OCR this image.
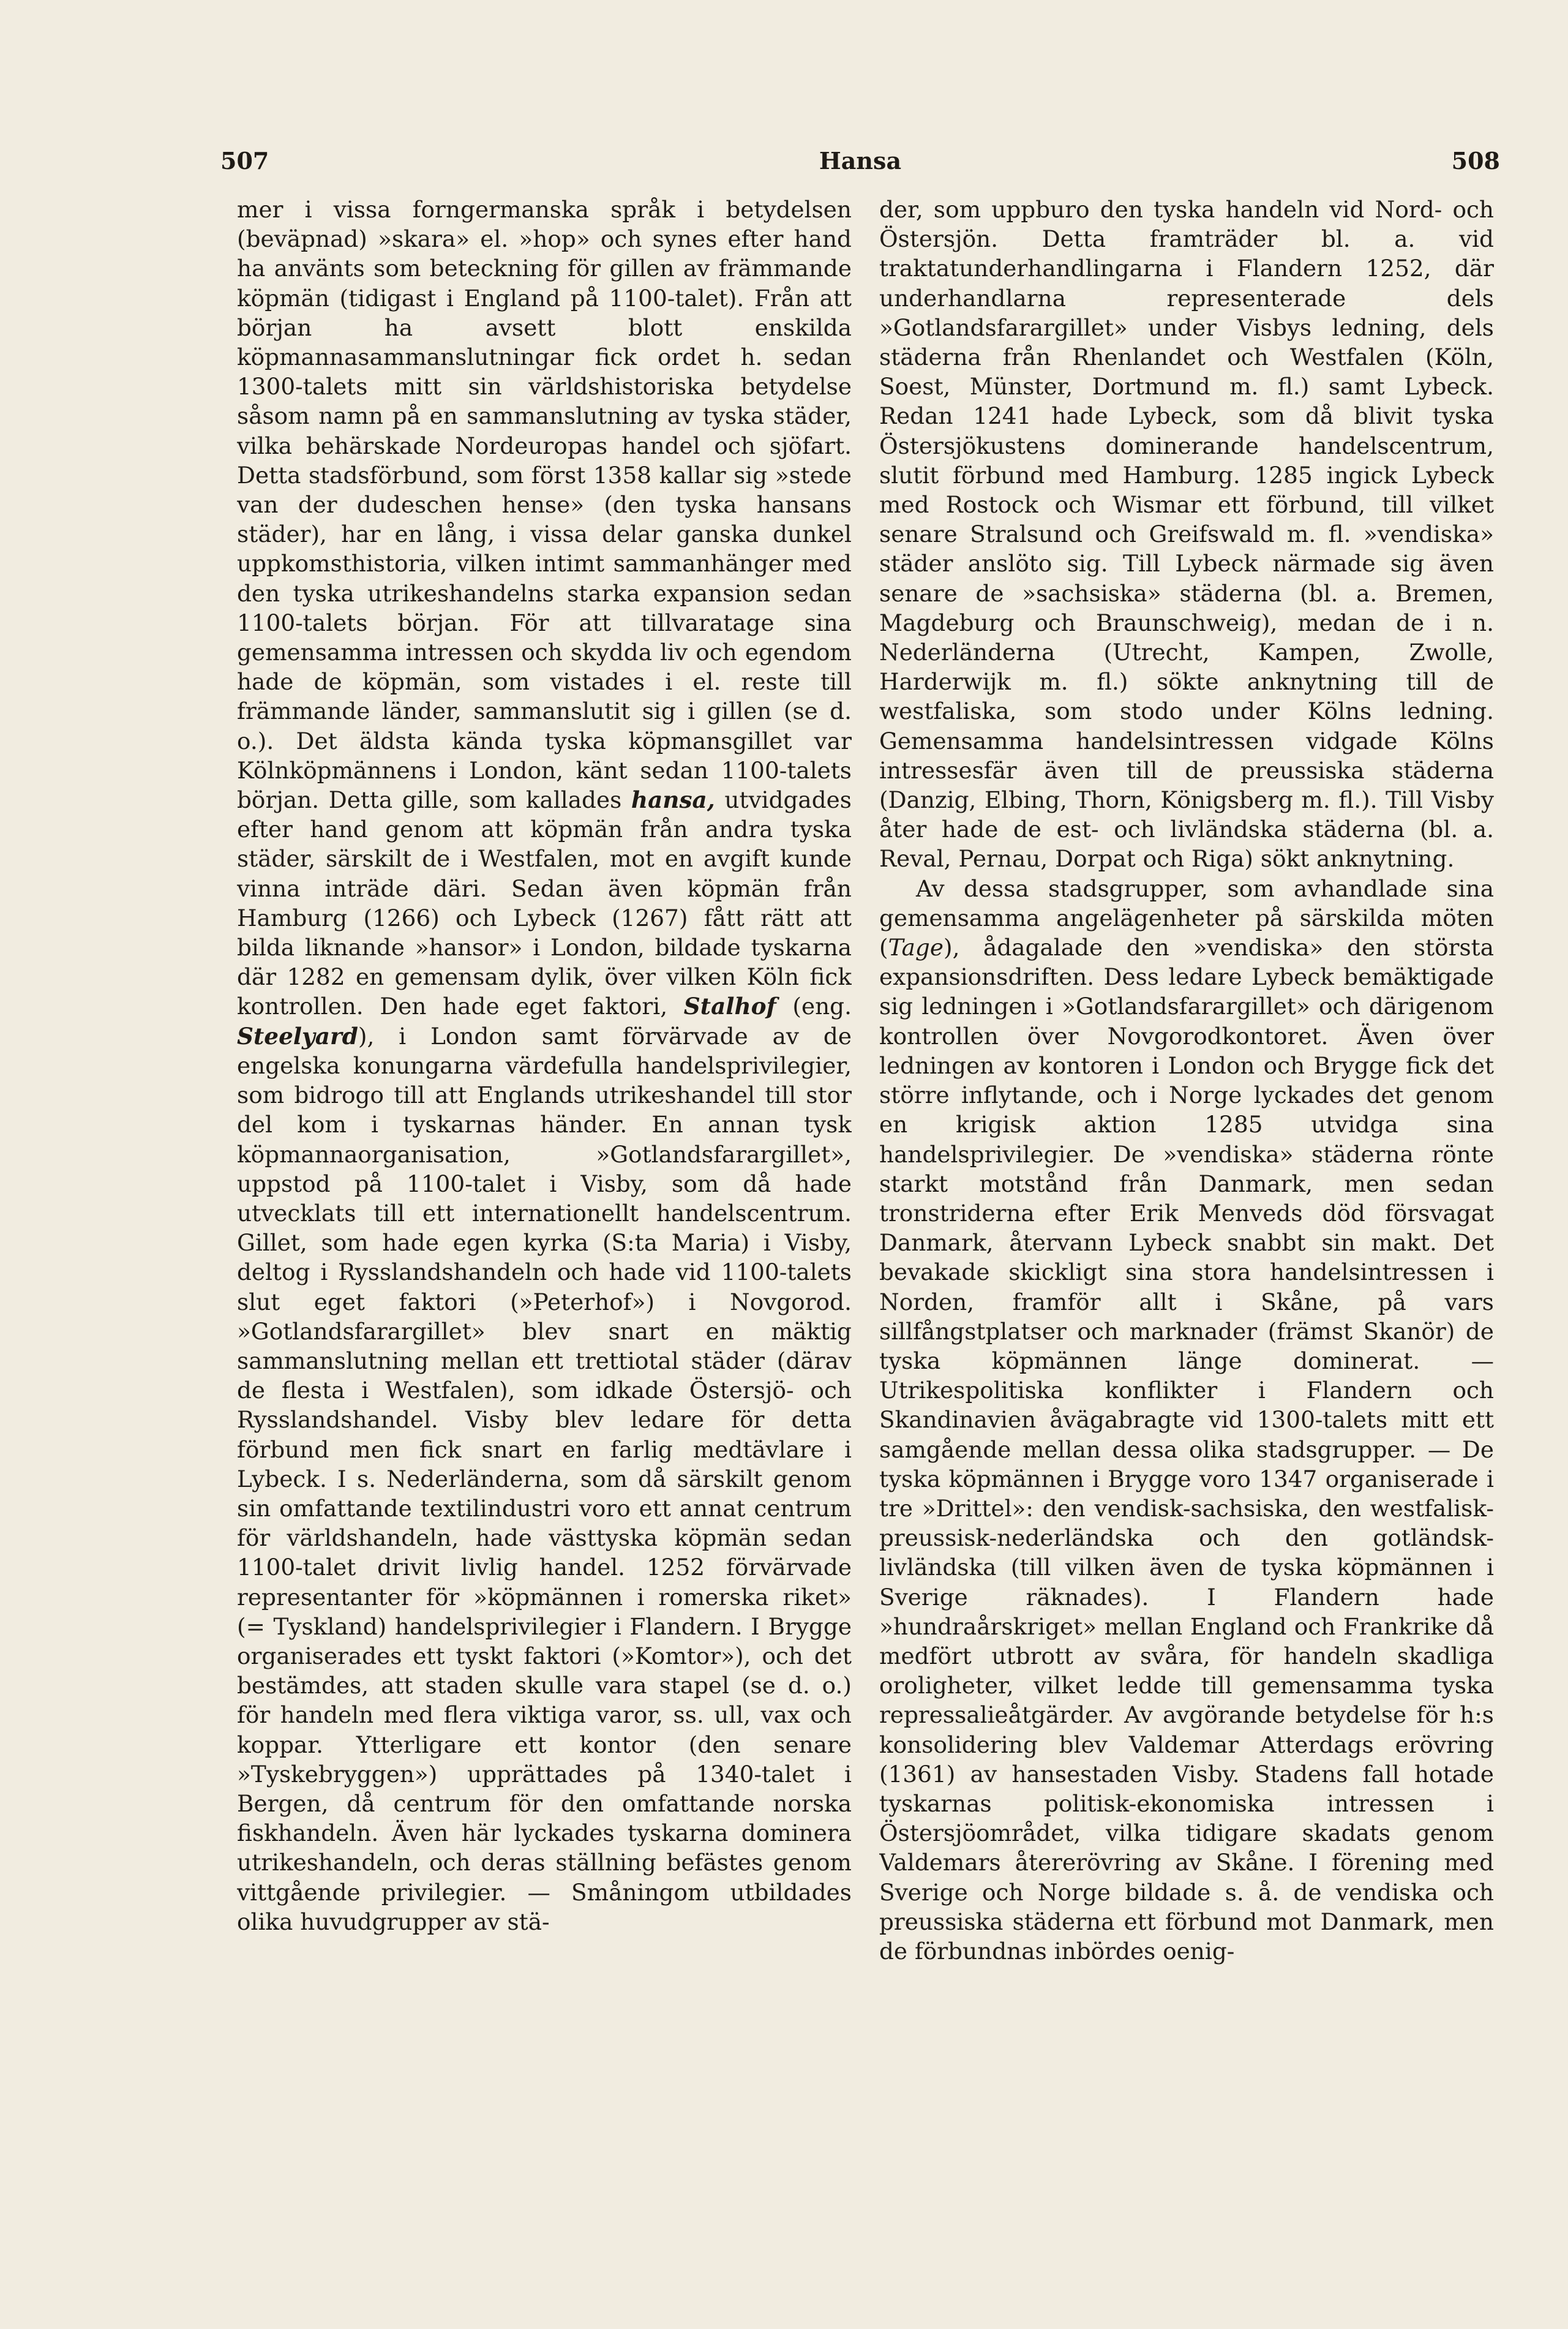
507	Hansa	508

mer i vissa forngermanska språk i betydelsen (beväpnad) »skara» el. »hop» och synes efter hand ha använts som beteckning för gillen av främmande köpmän (tidigast i England på 1100-talet). Från att början ha avsett blott enskilda köpmannasammanslutningar fick ordet h. sedan 1300-talets mitt sin världshistoriska betydelse såsom namn på en sammanslutning av tyska städer, vilka behärskade Nordeuropas handel och sjöfart. Detta stadsförbund, som först 1358 kallar sig »stede van der dudeschen hense» (den tyska hansans städer), har en lång, i vissa delar ganska dunkel uppkomsthistoria, vilken intimt sammanhänger med den tyska utrikeshandelns starka expansion sedan 1100-talets början. För att tillvaratage sina gemensamma intressen och skydda liv och egendom hade de köpmän, som vistades i el. reste till främmande länder, sammanslutit sig i gillen (se d. o.). Det äldsta kända tyska köpmansgillet var Kölnköpmännens i London, känt sedan 1100-talets början. Detta gille, som kallades hansa, utvidgades efter hand genom att köpmän från andra tyska städer, särskilt de i Westfalen, mot en avgift kunde vinna inträde däri. Sedan även köpmän från Hamburg (1266) och Lybeck (1267) fått rätt att bilda liknande »hansor» i London, bildade tyskarna där 1282 en gemensam dylik, över vilken Köln fick kontrollen. Den hade eget faktori, Stalhof (eng. Steelyard), i London samt förvärvade av de engelska konungarna värdefulla handelsprivilegier, som bidrogo till att Englands utrikeshandel till stor del kom i tyskarnas händer. En annan tysk köpmannaorganisation, »Gotlandsfarargillet», uppstod på 1100-talet i Visby, som då hade utvecklats till ett internationellt handelscentrum. Gillet, som hade egen kyrka (S:ta Maria) i Visby, deltog i Rysslandshandeln och hade vid 1100-talets slut eget faktori (»Peterhof») i Novgorod. »Gotlandsfarargillet» blev snart en mäktig sammanslutning mellan ett trettiotal städer (därav de flesta i Westfalen), som idkade Östersjö- och Rysslandshandel. Visby blev ledare för detta förbund men fick snart en farlig medtävlare i Lybeck. I s. Nederländerna, som då särskilt genom sin omfattande textilindustri voro ett annat centrum för världshandeln, hade västtyska köpmän sedan 1100-talet drivit livlig handel. 1252 förvärvade representanter för »köpmännen i romerska riket» (= Tyskland) handelsprivilegier i Flandern. I Brygge organiserades ett tyskt faktori (»Komtor»), och det bestämdes, att staden skulle vara stapel (se d. o.) för handeln med flera viktiga varor, ss. ull, vax och koppar. Ytterligare ett kontor (den senare »Tyskebryggen») upprättades på 1340-talet i Bergen, då centrum för den omfattande norska fiskhandeln. Även här lyckades tyskarna dominera utrikeshandeln, och deras ställning befästes genom vittgående privilegier. — Småningom utbildades olika huvudgrupper av stä-

der, som uppburo den tyska handeln vid Nord- och Östersjön. Detta framträder bl. a. vid traktatunderhandlingarna i Flandern 1252, där underhandlarna representerade dels »Gotlandsfarargillet» under Visbys ledning, dels städerna från Rhenlandet och Westfalen (Köln, Soest, Münster, Dortmund m. fl.) samt Lybeck. Redan 1241 hade Lybeck, som då blivit tyska Östersjökustens dominerande handelscentrum, slutit förbund med Hamburg. 1285 ingick Lybeck med Rostock och Wismar ett förbund, till vilket senare Stralsund och Greifswald m. fl. »vendiska» städer anslöto sig. Till Lybeck närmade sig även senare de »sachsiska» städerna (bl. a. Bremen, Magdeburg och Braunschweig), medan de i n. Nederländerna (Utrecht, Kampen, Zwolle, Harderwijk m. fl.) sökte anknytning till de westfaliska, som stodo under Kölns ledning. Gemensamma handelsintressen vidgade Kölns intressesfär även till de preussiska städerna (Danzig, Elbing, Thorn, Königsberg m. fl.). Till Visby åter hade de est- och livländska städerna (bl. a. Reval, Pernau, Dorpat och Riga) sökt anknytning.

Av dessa stadsgrupper, som avhandlade sina gemensamma angelägenheter på särskilda möten (Tage), ådagalade den »vendiska» den största expansionsdriften. Dess ledare Lybeck bemäktigade sig ledningen i »Gotlandsfarargillet» och därigenom kontrollen över Novgorodkontoret. Även över ledningen av kontoren i London och Brygge fick det större inflytande, och i Norge lyckades det genom en krigisk aktion 1285 utvidga sina handelsprivilegier. De »vendiska» städerna rönte starkt motstånd från Danmark, men sedan tronstriderna efter Erik Menveds död försvagat Danmark, återvann Lybeck snabbt sin makt. Det bevakade skickligt sina stora handelsintressen i Norden, framför allt i Skåne, på vars sillfångstplatser och marknader (främst Skanör) de tyska köpmännen länge dominerat. — Utrikespolitiska konflikter i Flandern och Skandinavien åvägabragte vid 1300-talets mitt ett samgående mellan dessa olika stadsgrupper. — De tyska köpmännen i Brygge voro 1347 organiserade i tre »Drittel»: den vendisk-sachsiska, den westfalisk-preussisk-nederländska och den gotländsk-livländska (till vilken även de tyska köpmännen i Sverige räknades). I Flandern hade »hundraårskriget» mellan England och Frankrike då medfört utbrott av svåra, för handeln skadliga oroligheter, vilket ledde till gemensamma tyska repressalieåtgärder. Av avgörande betydelse för h:s konsolidering blev Valdemar Atterdags erövring (1361) av hansestaden Visby. Stadens fall hotade tyskarnas politisk-ekonomiska intressen i Östersjöområdet, vilka tidigare skadats genom Valdemars återerövring av Skåne. I förening med Sverige och Norge bildade s. å. de vendiska och preussiska städerna ett förbund mot Danmark, men de förbundnas inbördes oenig-
